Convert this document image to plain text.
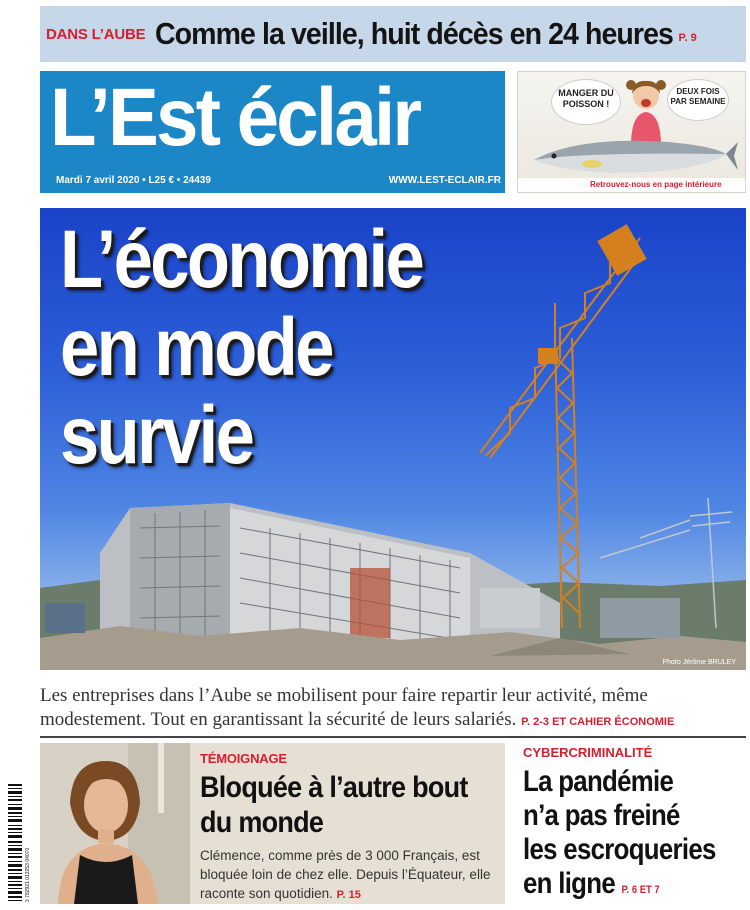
DANS L’AUBE Comme la veille, huit décès en 24 heures P. 9
L’Est éclair
Mardi 7 avril 2020 • L25 € • 24439	WWW.LEST-ECLAIR.FR
MANGER DU
POISSON !
DEUX FOIS
PAR SEMAINE
Retrouvez-nous en page intérieure
L’économie
en mode
survie
Photo Jérôme BRULEY
Les entreprises dans l’Aube se mobilisent pour faire repartir leur activité, même modestement. Tout en garantissant la sécurité de leurs salariés. P. 2-3 ET CAHIER ÉCONOMIE
3 782921 012253 04070
TÉMOIGNAGE
Bloquée à l’autre bout
du monde
Clémence, comme près de 3 000 Français, est bloquée loin de chez elle. Depuis l’Équateur, elle raconte son quotidien. P. 15
CYBERCRIMINALITÉ
La pandémie
n’a pas freiné
les escroqueries
en ligne P. 6 ET 7
